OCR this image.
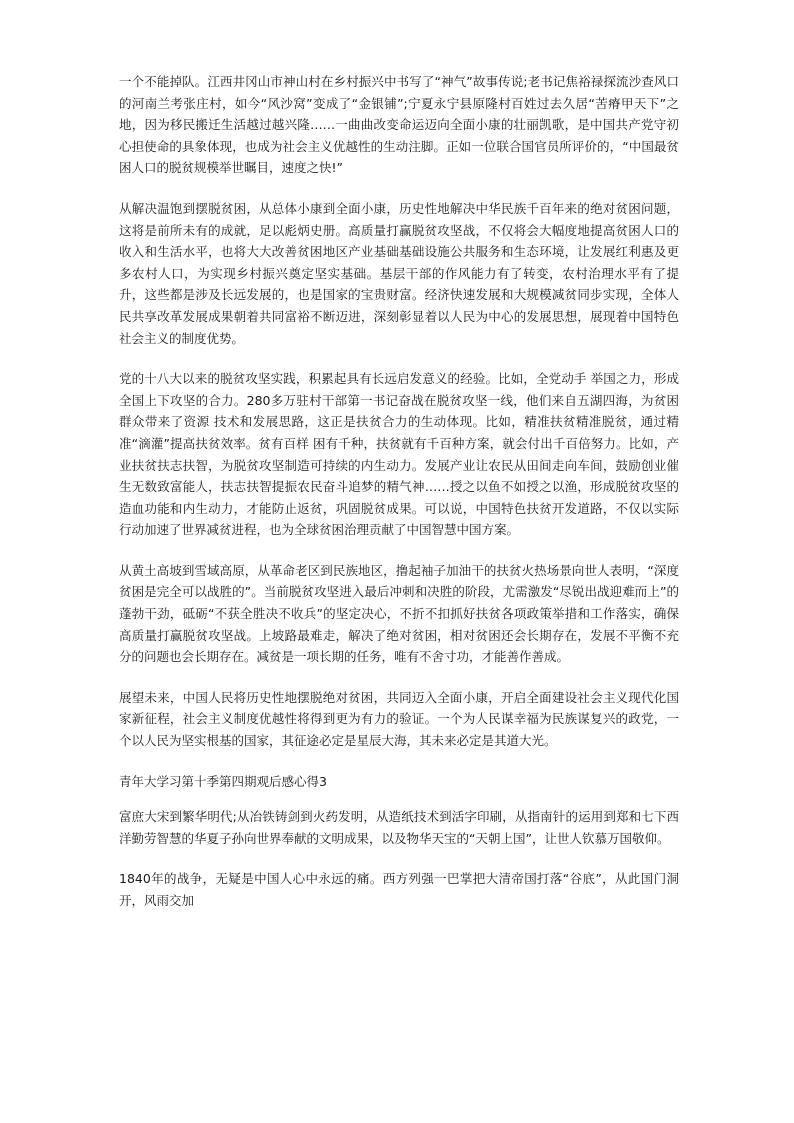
一个不能掉队。江西井冈山市神山村在乡村振兴中书写了“神气”故事传说;老书记焦裕禄探流沙查风口的河南兰考张庄村，如今“风沙窝”变成了“金银铺”;宁夏永宁县原隆村百姓过去久居“苦瘠甲天下”之地，因为移民搬迁生活越过越兴隆……一曲曲改变命运迈向全面小康的壮丽凯歌，是中国共产党守初心担使命的具象体现，也成为社会主义优越性的生动注脚。正如一位联合国官员所评价的，“中国最贫困人口的脱贫规模举世瞩目，速度之快!”

从解决温饱到摆脱贫困，从总体小康到全面小康，历史性地解决中华民族千百年来的绝对贫困问题，这将是前所未有的成就，足以彪炳史册。高质量打赢脱贫攻坚战，不仅将会大幅度地提高贫困人口的收入和生活水平，也将大大改善贫困地区产业基础基础设施公共服务和生态环境，让发展红利惠及更多农村人口，为实现乡村振兴奠定坚实基础。基层干部的作风能力有了转变，农村治理水平有了提升，这些都是涉及长远发展的，也是国家的宝贵财富。经济快速发展和大规模减贫同步实现，全体人民共享改革发展成果朝着共同富裕不断迈进，深刻彰显着以人民为中心的发展思想，展现着中国特色社会主义的制度优势。

党的十八大以来的脱贫攻坚实践，积累起具有长远启发意义的经验。比如，全党动手 举国之力，形成全国上下攻坚的合力。280多万驻村干部第一书记奋战在脱贫攻坚一线，他们来自五湖四海，为贫困群众带来了资源 技术和发展思路，这正是扶贫合力的生动体现。比如，精准扶贫精准脱贫，通过精准“滴灌”提高扶贫效率。贫有百样 困有千种，扶贫就有千百种方案，就会付出千百倍努力。比如，产业扶贫扶志扶智，为脱贫攻坚制造可持续的内生动力。发展产业让农民从田间走向车间，鼓励创业催生无数致富能人，扶志扶智提振农民奋斗追梦的精气神……授之以鱼不如授之以渔，形成脱贫攻坚的造血功能和内生动力，才能防止返贫，巩固脱贫成果。可以说，中国特色扶贫开发道路，不仅以实际行动加速了世界减贫进程，也为全球贫困治理贡献了中国智慧中国方案。

从黄土高坡到雪域高原，从革命老区到民族地区，撸起袖子加油干的扶贫火热场景向世人表明，“深度贫困是完全可以战胜的”。当前脱贫攻坚进入最后冲刺和决胜的阶段，尤需激发“尽锐出战迎难而上”的蓬勃干劲，砥砺“不获全胜决不收兵”的坚定决心，不折不扣抓好扶贫各项政策举措和工作落实，确保高质量打赢脱贫攻坚战。上坡路最难走，解决了绝对贫困，相对贫困还会长期存在，发展不平衡不充分的问题也会长期存在。减贫是一项长期的任务，唯有不舍寸功，才能善作善成。

展望未来，中国人民将历史性地摆脱绝对贫困，共同迈入全面小康，开启全面建设社会主义现代化国家新征程，社会主义制度优越性将得到更为有力的验证。一个为人民谋幸福为民族谋复兴的政党，一个以人民为坚实根基的国家，其征途必定是星辰大海，其未来必定是其道大光。

青年大学习第十季第四期观后感心得3

富庶大宋到繁华明代;从冶铁铸剑到火药发明，从造纸技术到活字印刷，从指南针的运用到郑和七下西洋勤劳智慧的华夏子孙向世界奉献的文明成果，以及物华天宝的“天朝上国”，让世人钦慕万国敬仰。

1840年的战争，无疑是中国人心中永远的痛。西方列强一巴掌把大清帝国打落“谷底”，从此国门洞开，风雨交加
